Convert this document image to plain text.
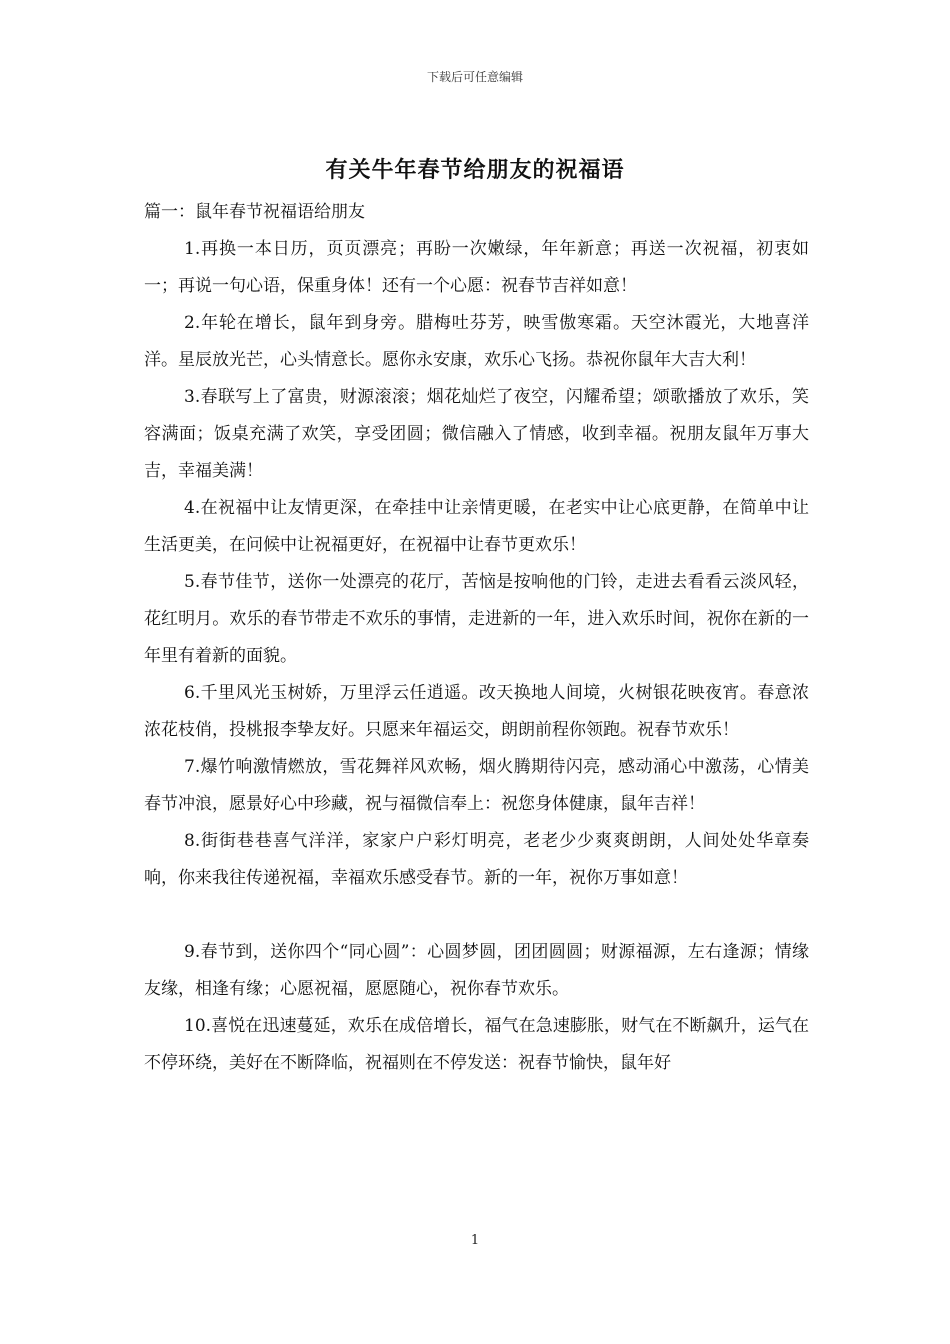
下载后可任意编辑
有关牛年春节给朋友的祝福语

篇一：鼠年春节祝福语给朋友

1.再换一本日历，页页漂亮；再盼一次嫩绿，年年新意；再送一次祝福，初衷如一；再说一句心语，保重身体！还有一个心愿：祝春节吉祥如意！

2.年轮在增长，鼠年到身旁。腊梅吐芬芳，映雪傲寒霜。天空沐霞光，大地喜洋洋。星辰放光芒，心头情意长。愿你永安康，欢乐心飞扬。恭祝你鼠年大吉大利！

3.春联写上了富贵，财源滚滚；烟花灿烂了夜空，闪耀希望；颂歌播放了欢乐，笑容满面；饭桌充满了欢笑，享受团圆；微信融入了情感，收到幸福。祝朋友鼠年万事大吉，幸福美满！

4.在祝福中让友情更深，在牵挂中让亲情更暖，在老实中让心底更静，在简单中让生活更美，在问候中让祝福更好，在祝福中让春节更欢乐！

5.春节佳节，送你一处漂亮的花厅，苦恼是按响他的门铃，走进去看看云淡风轻，花红明月。欢乐的春节带走不欢乐的事情，走进新的一年，进入欢乐时间，祝你在新的一年里有着新的面貌。

6.千里风光玉树娇，万里浮云任逍遥。改天换地人间境，火树银花映夜宵。春意浓浓花枝俏，投桃报李挚友好。只愿来年福运交，朗朗前程你领跑。祝春节欢乐！

7.爆竹响激情燃放，雪花舞祥风欢畅，烟火腾期待闪亮，感动涌心中激荡，心情美春节冲浪，愿景好心中珍藏，祝与福微信奉上：祝您身体健康，鼠年吉祥！

8.街街巷巷喜气洋洋，家家户户彩灯明亮，老老少少爽爽朗朗，人间处处华章奏响，你来我往传递祝福，幸福欢乐感受春节。新的一年，祝你万事如意！

9.春节到，送你四个“同心圆”：心圆梦圆，团团圆圆；财源福源，左右逢源；情缘友缘，相逢有缘；心愿祝福，愿愿随心，祝你春节欢乐。

10.喜悦在迅速蔓延，欢乐在成倍增长，福气在急速膨胀，财气在不断飙升，运气在不停环绕，美好在不断降临，祝福则在不停发送：祝春节愉快，鼠年好

1
